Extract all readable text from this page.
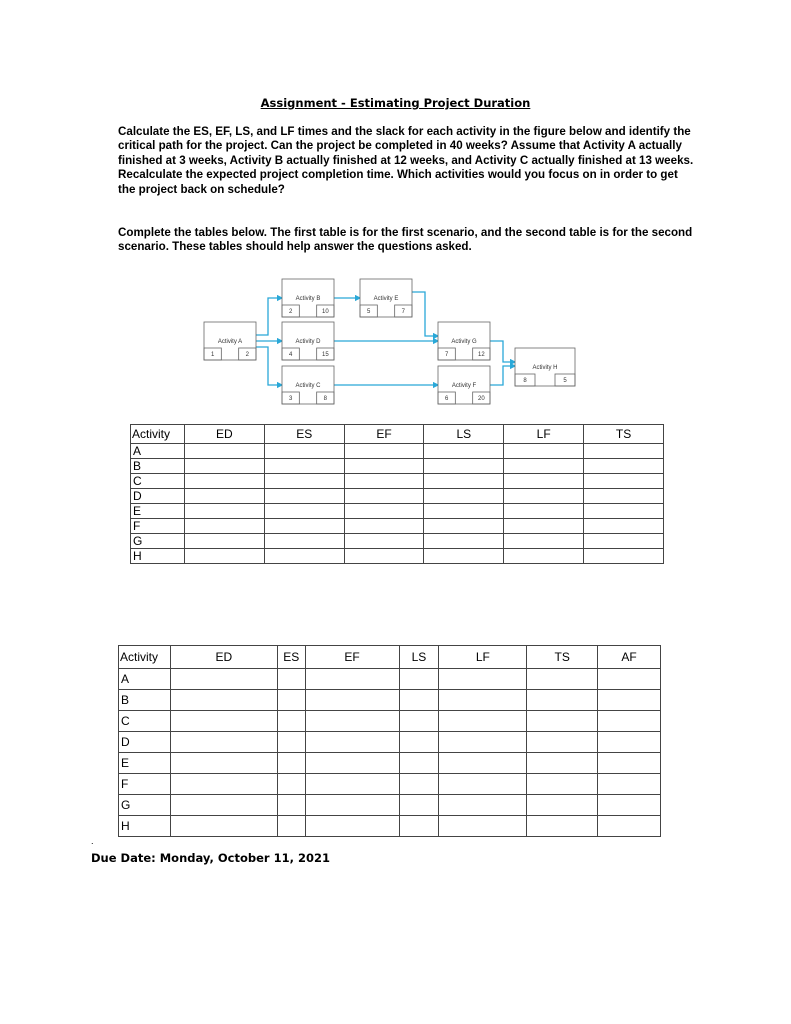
Assignment - Estimating Project Duration
Calculate the ES, EF, LS, and LF times and the slack for each activity in the figure below and identify the critical path for the project. Can the project be completed in 40 weeks? Assume that Activity A actually finished at 3 weeks, Activity B actually finished at 12 weeks, and Activity C actually finished at 13 weeks. Recalculate the expected project completion time. Which activities would you focus on in order to get the project back on schedule?
Complete the tables below. The first table is for the first scenario, and the second table is for the second scenario. These tables should help answer the questions asked.
Activity A
1	2
Activity B
2	10
Activity E
5	7
Activity D
4	15
Activity G
7	12
Activity C
3	8
Activity F
6	20
Activity H
8	5
Activity	ED	ES	EF	LS	LF	TS
A						
B						
C						
D						
E						
F						
G						
H						
Activity	ED	ES	EF	LS	LF	TS	AF
A							
B							
C							
D							
E							
F							
G							
H							
.
Due Date: Monday, October 11, 2021
